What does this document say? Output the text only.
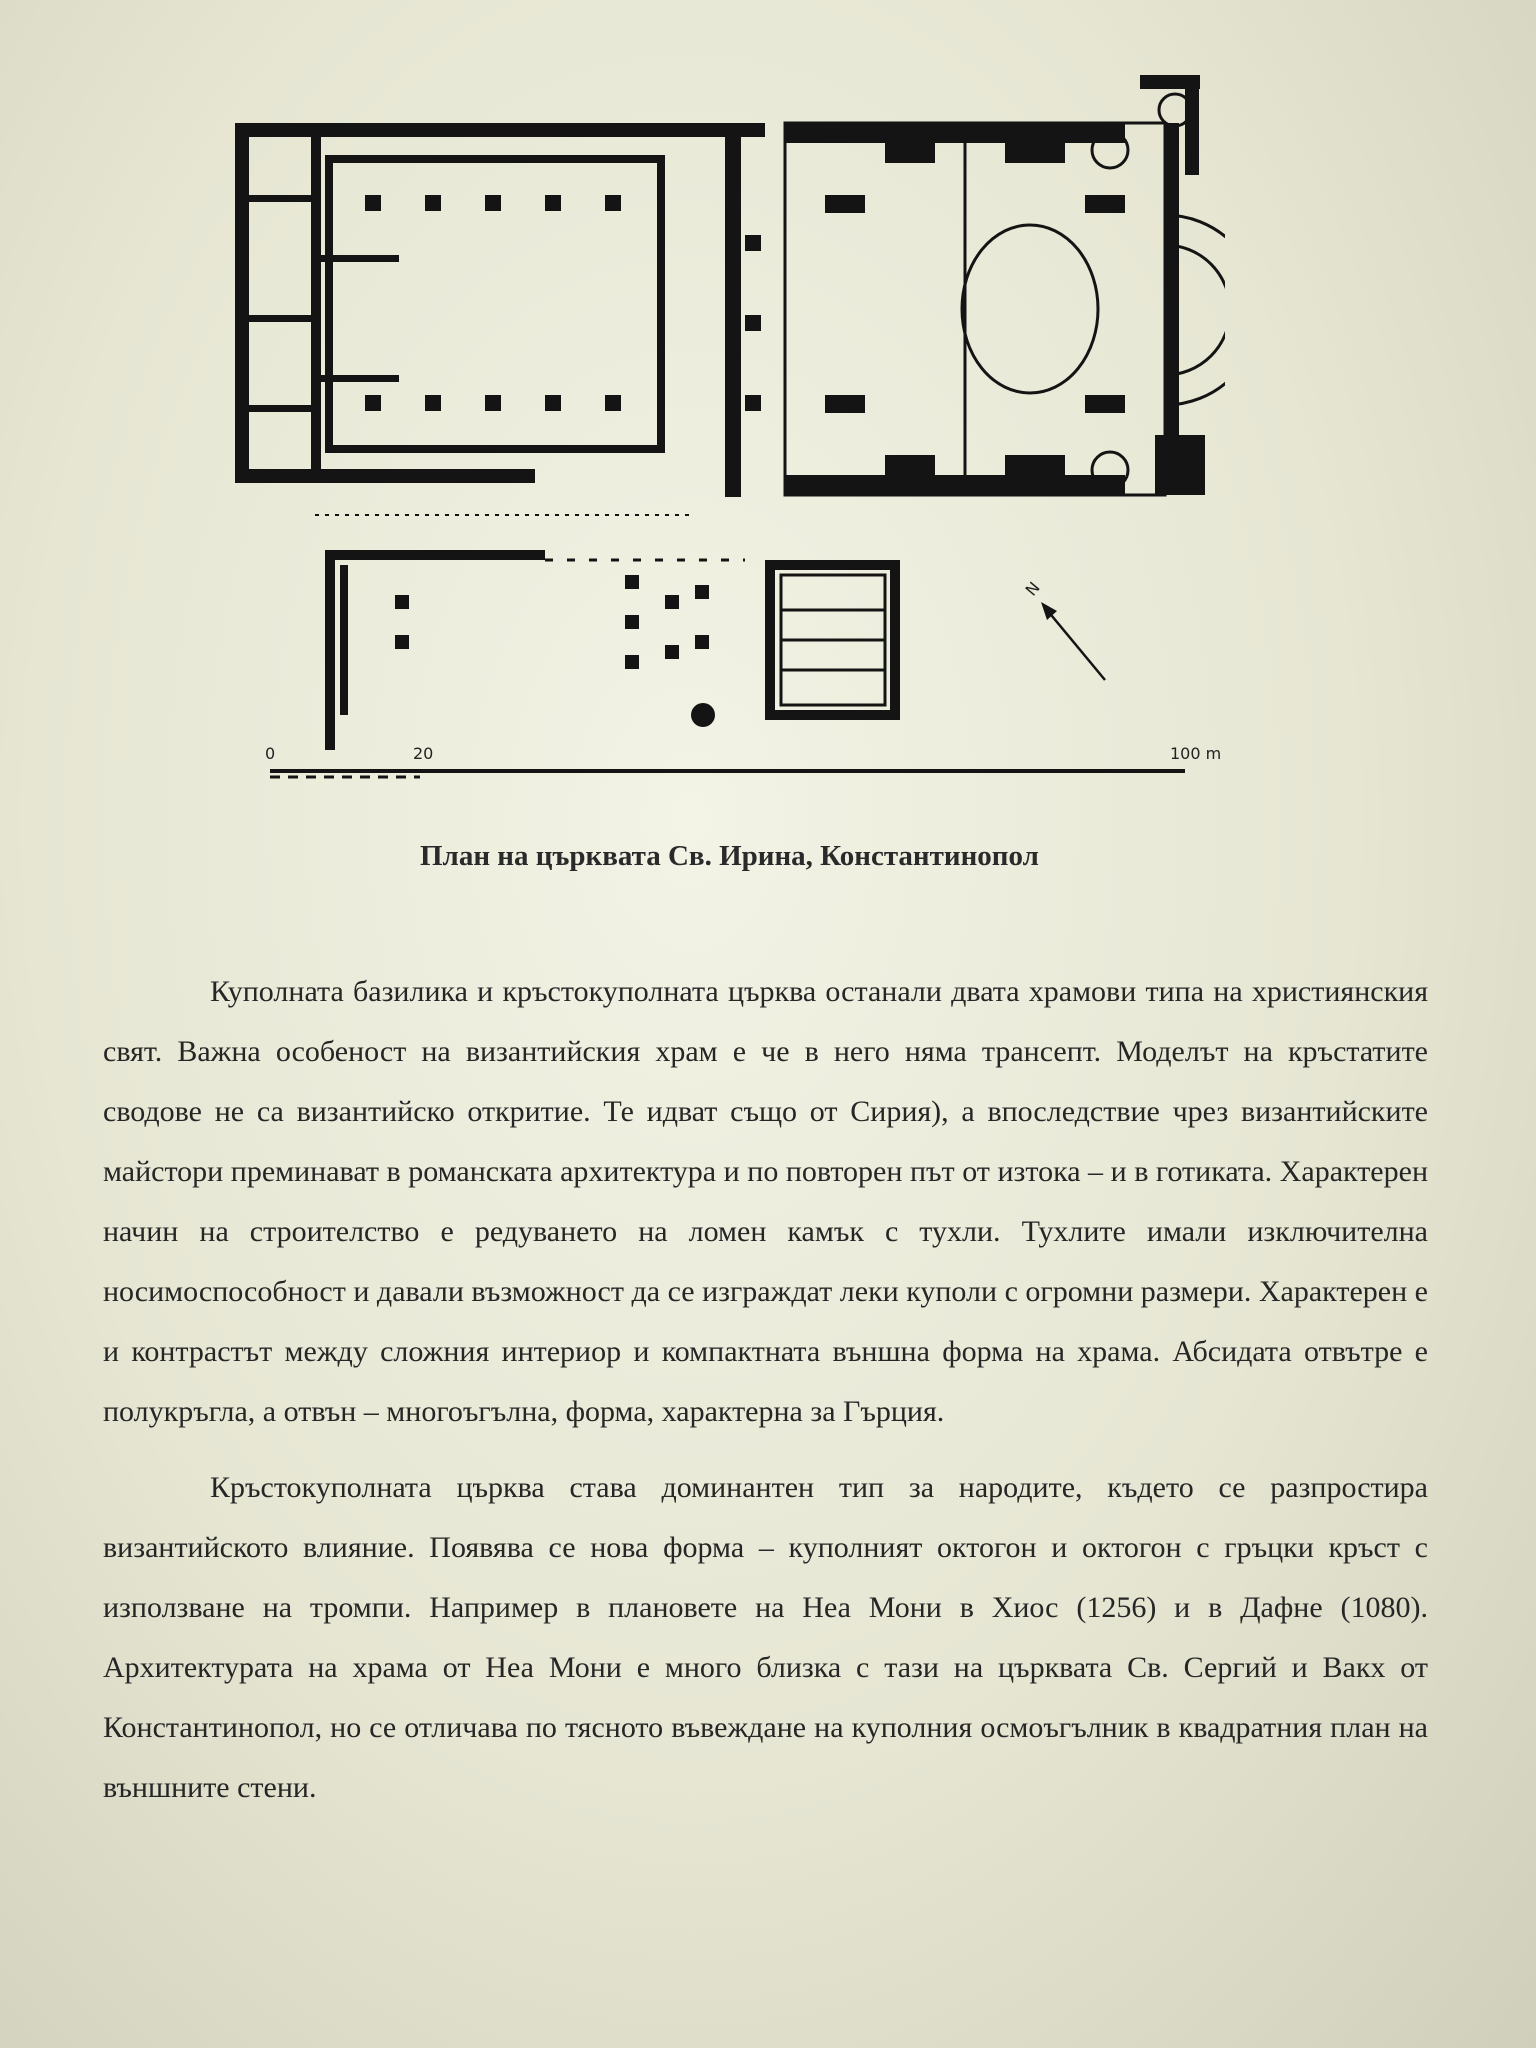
0	20	100 m
N

План на църквата Св. Ирина, Константинопол

Куполната базилика и кръстокуполната църква останали двата храмови типа на християнския свят. Важна особеност на византийския храм е че в него няма трансепт. Моделът на кръстатите сводове не са византийско откритие. Те идват също от Сирия), а впоследствие чрез византийските майстори преминават в романската архитектура и по повторен път от изтока – и в готиката. Характерен начин на строителство е редуването на ломен камък с тухли. Тухлите имали изключителна носимоспособност и давали възможност да се изграждат леки куполи с огромни размери. Характерен е и контрастът между сложния интериор и компактната външна форма на храма. Абсидата отвътре е полукръгла, а отвън – многоъгълна, форма, характерна за Гърция.

Кръстокуполната църква става доминантен тип за народите, където се разпростира византийското влияние. Появява се нова форма – куполният октогон и октогон с гръцки кръст с използване на тромпи. Например в плановете на Неа Мони в Хиос (1256) и в Дафне (1080). Архитектурата на храма от Неа Мони е много близка с тази на църквата Св. Сергий и Вакх от Константинопол, но се отличава по тясното въвеждане на куполния осмоъгълник в квадратния план на външните стени.
